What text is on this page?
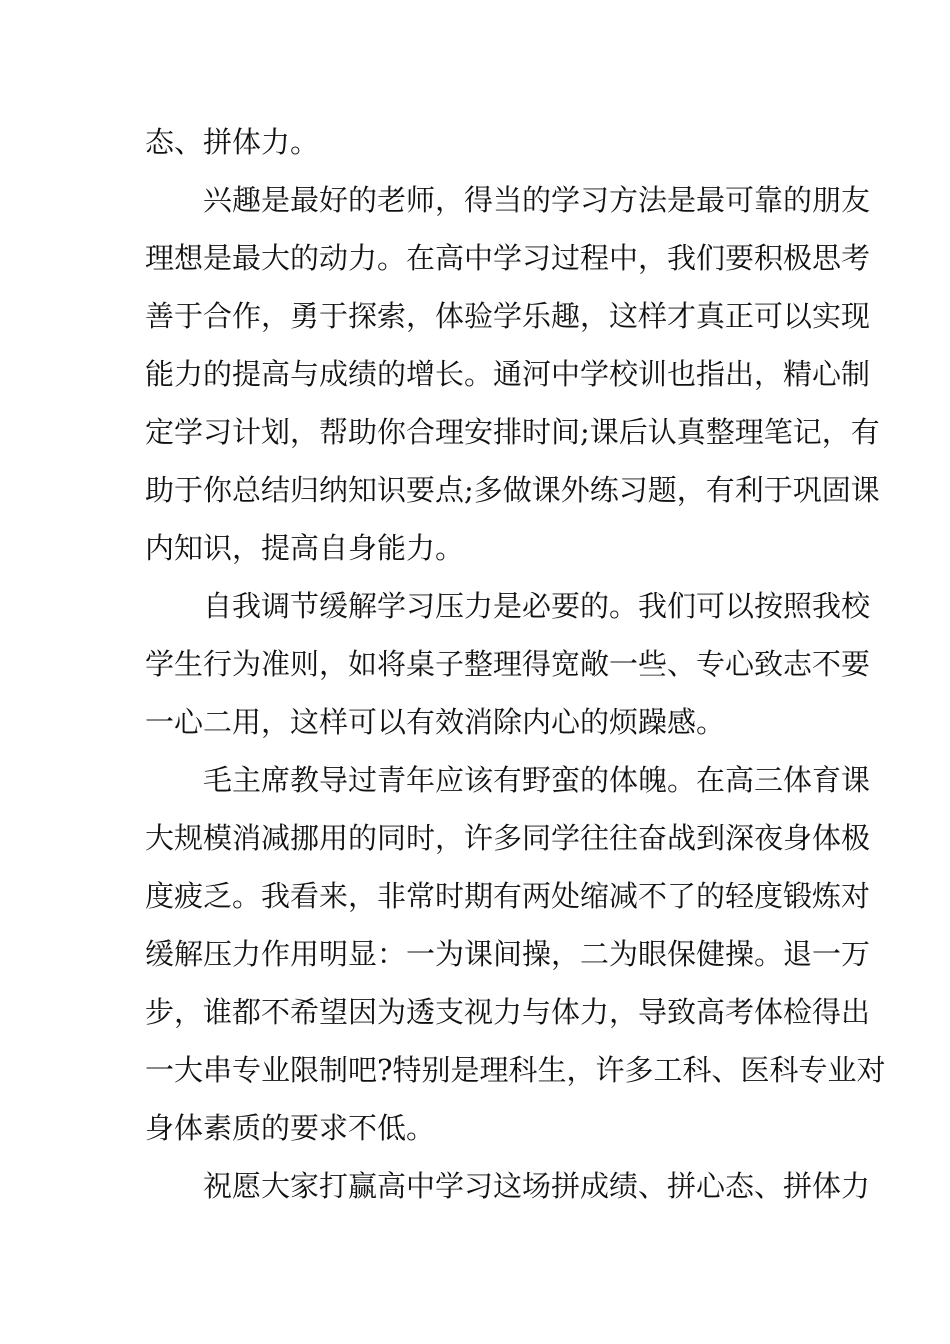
态、拼体力。
兴趣是最好的老师，得当的学习方法是最可靠的朋友
理想是最大的动力。在高中学习过程中，我们要积极思考
善于合作，勇于探索，体验学乐趣，这样才真正可以实现
能力的提高与成绩的增长。通河中学校训也指出，精心制
定学习计划，帮助你合理安排时间;课后认真整理笔记，有
助于你总结归纳知识要点;多做课外练习题，有利于巩固课
内知识，提高自身能力。
自我调节缓解学习压力是必要的。我们可以按照我校
学生行为准则，如将桌子整理得宽敞一些、专心致志不要
一心二用，这样可以有效消除内心的烦躁感。
毛主席教导过青年应该有野蛮的体魄。在高三体育课
大规模消减挪用的同时，许多同学往往奋战到深夜身体极
度疲乏。我看来，非常时期有两处缩减不了的轻度锻炼对
缓解压力作用明显：一为课间操，二为眼保健操。退一万
步，谁都不希望因为透支视力与体力，导致高考体检得出
一大串专业限制吧?特别是理科生，许多工科、医科专业对
身体素质的要求不低。
祝愿大家打赢高中学习这场拼成绩、拼心态、拼体力
